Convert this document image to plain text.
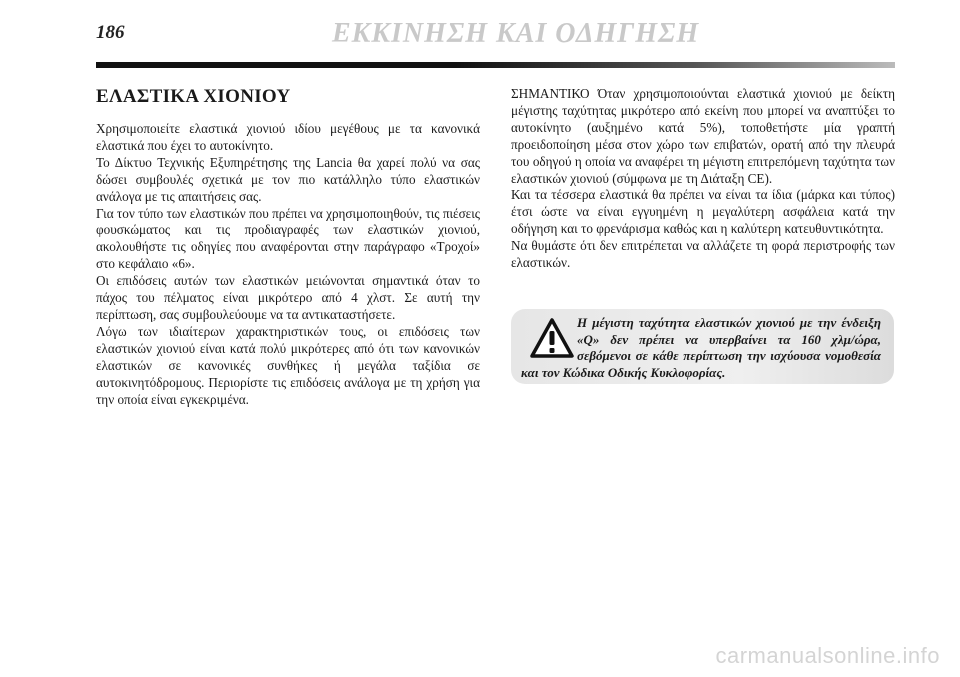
186	ΕΚΚΙΝΗΣΗ ΚΑΙ ΟΔΗΓΗΣΗ
ΕΛΑΣΤΙΚΑ ΧΙΟΝΙΟΥ

Χρησιμοποιείτε ελαστικά χιονιού ιδίου μεγέθους με τα κανονικά ελαστικά που έχει το αυτοκίνητο.

Το Δίκτυο Τεχνικής Εξυπηρέτησης της Lancia θα χαρεί πολύ να σας δώσει συμβουλές σχετικά με τον πιο κατάλληλο τύπο ελαστικών ανάλογα με τις απαιτήσεις σας.

Για τον τύπο των ελαστικών που πρέπει να χρησιμοποιηθούν, τις πιέσεις φουσκώματος και τις προδιαγραφές των ελαστικών χιονιού, ακολουθήστε τις οδηγίες που αναφέρονται στην παράγραφο «Τροχοί» στο κεφάλαιο «6».

Οι επιδόσεις αυτών των ελαστικών μειώνονται σημαντικά όταν το πάχος του πέλματος είναι μικρότερο από 4 χλστ. Σε αυτή την περίπτωση, σας συμβουλεύουμε να τα αντικαταστήσετε.

Λόγω των ιδιαίτερων χαρακτηριστικών τους, οι επιδόσεις των ελαστικών χιονιού είναι κατά πολύ μικρότερες από ότι των κανονικών ελαστικών σε κανονικές συνθήκες ή μεγάλα ταξίδια σε αυτοκινητόδρομους. Περιορίστε τις επιδόσεις ανάλογα με τη χρήση για την οποία είναι εγκεκριμένα.

ΣΗΜΑΝΤΙΚΟ Όταν χρησιμοποιούνται ελαστικά χιονιού με δείκτη μέγιστης ταχύτητας μικρότερο από εκείνη που μπορεί να αναπτύξει το αυτοκίνητο (αυξημένο κατά 5%), τοποθετήστε μία γραπτή προειδοποίηση μέσα στον χώρο των επιβατών, ορατή από την πλευρά του οδηγού η οποία να αναφέρει τη μέγιστη επιτρεπόμενη ταχύτητα των ελαστικών χιονιού (σύμφωνα με τη Διάταξη CE).

Και τα τέσσερα ελαστικά θα πρέπει να είναι τα ίδια (μάρκα και τύπος) έτσι ώστε να είναι εγγυημένη η μεγαλύτερη ασφάλεια κατά την οδήγηση και το φρενάρισμα καθώς και η καλύτερη κατευθυντικότητα.

Να θυμάστε ότι δεν επιτρέπεται να αλλάζετε τη φορά περιστροφής των ελαστικών.

Η μέγιστη ταχύτητα ελαστικών χιονιού με την ένδειξη «Q» δεν πρέπει να υπερβαίνει τα 160 χλμ/ώρα, σεβόμενοι σε κάθε περίπτωση την ισχύουσα νομοθεσία και τον Κώδικα Οδικής Κυκλοφορίας.
carmanualsonline.info
